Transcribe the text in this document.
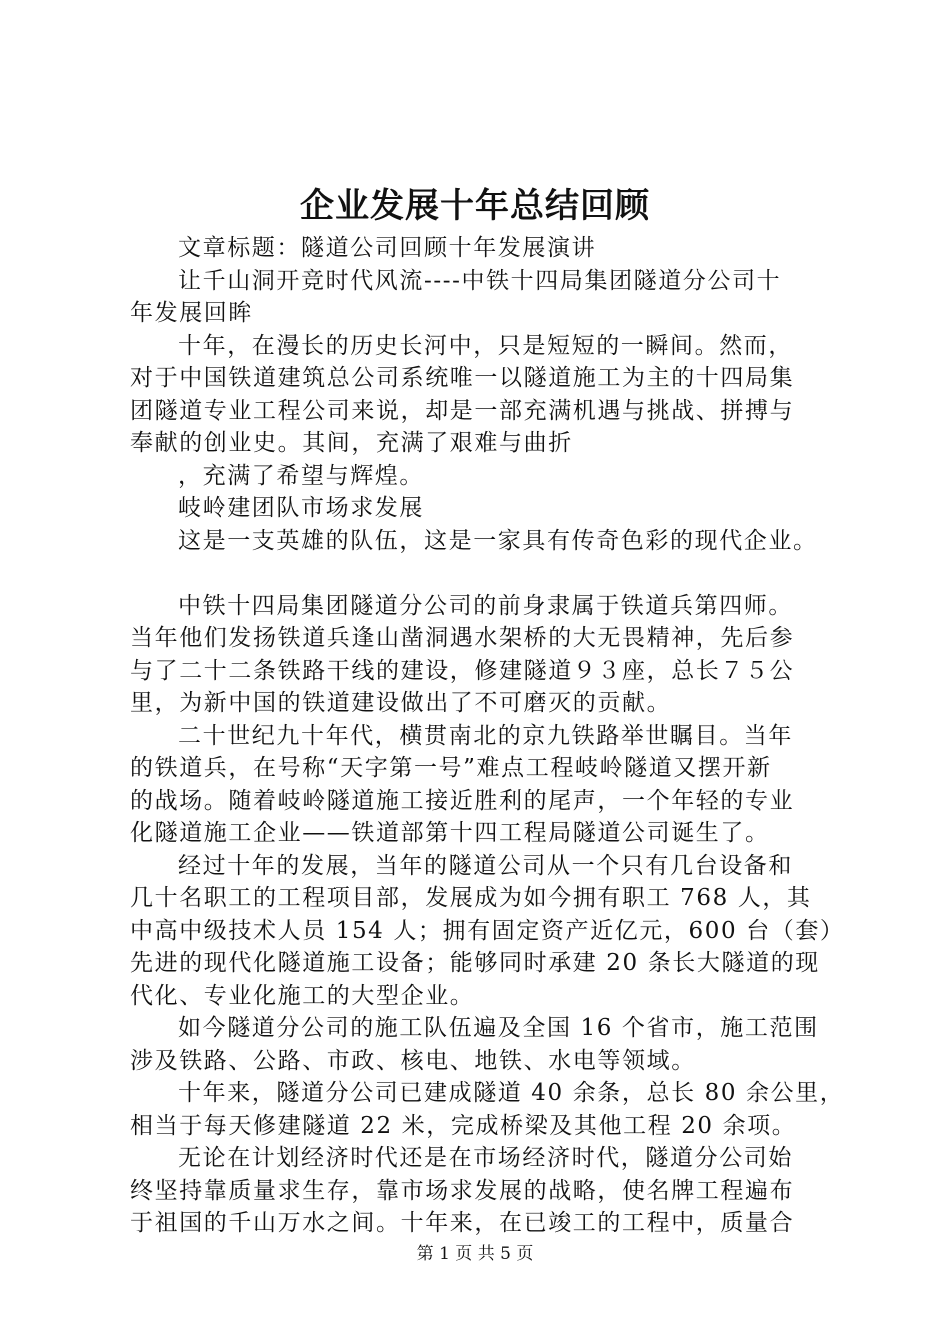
企业发展十年总结回顾
文章标题：隧道公司回顾十年发展演讲
让千山洞开竞时代风流----中铁十四局集团隧道分公司十
年发展回眸
十年，在漫长的历史长河中，只是短短的一瞬间。然而，
对于中国铁道建筑总公司系统唯一以隧道施工为主的十四局集
团隧道专业工程公司来说，却是一部充满机遇与挑战、拼搏与
奉献的创业史。其间，充满了艰难与曲折
，充满了希望与辉煌。
岐岭建团队市场求发展
这是一支英雄的队伍，这是一家具有传奇色彩的现代企业。
中铁十四局集团隧道分公司的前身隶属于铁道兵第四师。
当年他们发扬铁道兵逢山凿洞遇水架桥的大无畏精神，先后参
与了二十二条铁路干线的建设，修建隧道９３座，总长７５公
里，为新中国的铁道建设做出了不可磨灭的贡献。
二十世纪九十年代，横贯南北的京九铁路举世瞩目。当年
的铁道兵，在号称“天字第一号”难点工程岐岭隧道又摆开新
的战场。随着岐岭隧道施工接近胜利的尾声，一个年轻的专业
化隧道施工企业——铁道部第十四工程局隧道公司诞生了。
经过十年的发展，当年的隧道公司从一个只有几台设备和
几十名职工的工程项目部，发展成为如今拥有职工 768 人，其
中高中级技术人员 154 人；拥有固定资产近亿元，600 台（套）
先进的现代化隧道施工设备；能够同时承建 20 条长大隧道的现
代化、专业化施工的大型企业。
如今隧道分公司的施工队伍遍及全国 16 个省市，施工范围
涉及铁路、公路、市政、核电、地铁、水电等领域。
十年来，隧道分公司已建成隧道 40 余条，总长 80 余公里，
相当于每天修建隧道 22 米，完成桥梁及其他工程 20 余项。
无论在计划经济时代还是在市场经济时代，隧道分公司始
终坚持靠质量求生存，靠市场求发展的战略，使名牌工程遍布
于祖国的千山万水之间。十年来，在已竣工的工程中，质量合
第 1 页 共 5 页
